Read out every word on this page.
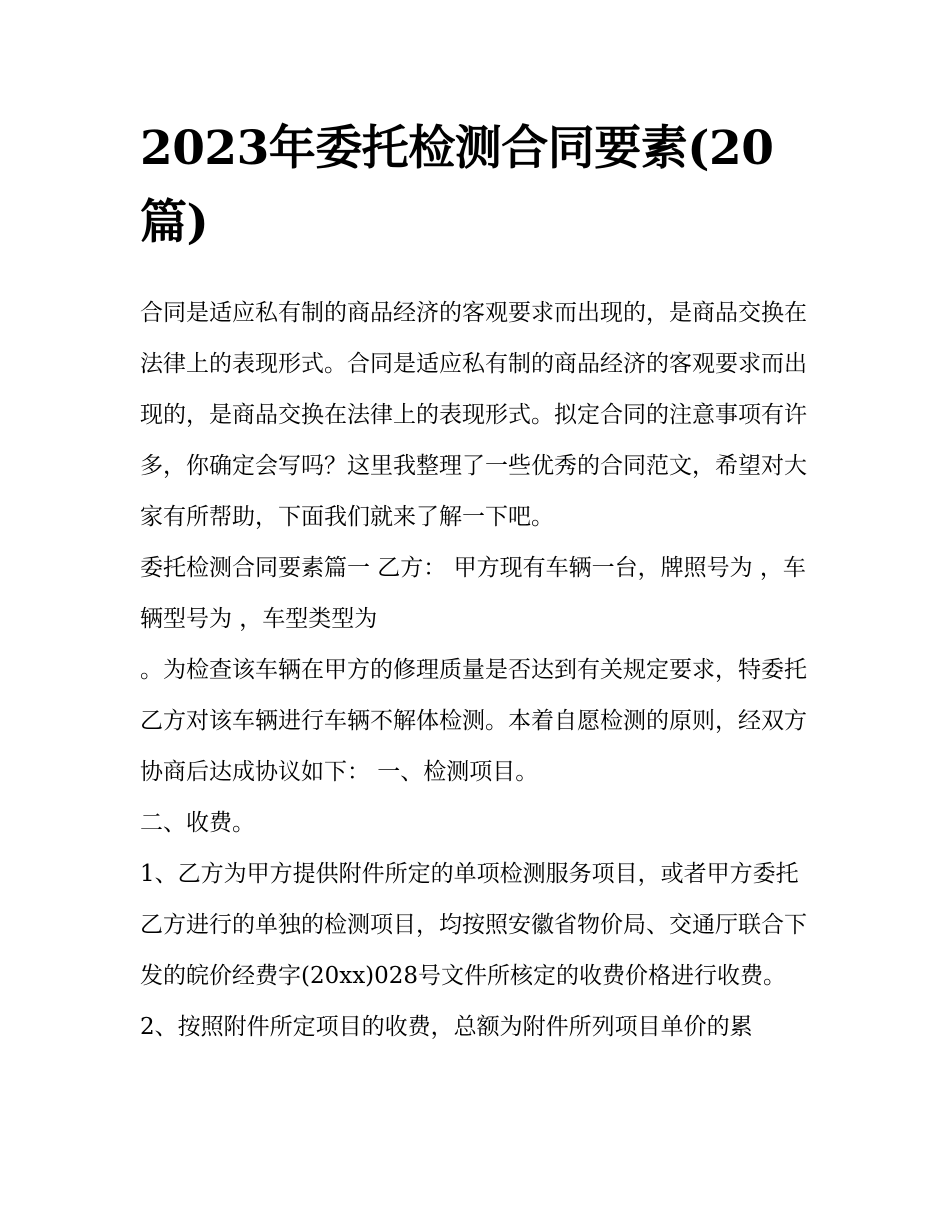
2023年委托检测合同要素(20篇)

合同是适应私有制的商品经济的客观要求而出现的，是商品交换在法律上的表现形式。合同是适应私有制的商品经济的客观要求而出现的，是商品交换在法律上的表现形式。拟定合同的注意事项有许多，你确定会写吗？这里我整理了一些优秀的合同范文，希望对大家有所帮助，下面我们就来了解一下吧。

委托检测合同要素篇一 乙方： 甲方现有车辆一台，牌照号为 ，车辆型号为 ，车型类型为

。为检查该车辆在甲方的修理质量是否达到有关规定要求，特委托乙方对该车辆进行车辆不解体检测。本着自愿检测的原则，经双方协商后达成协议如下： 一、检测项目。

二、收费。

1、乙方为甲方提供附件所定的单项检测服务项目，或者甲方委托乙方进行的单独的检测项目，均按照安徽省物价局、交通厅联合下发的皖价经费字(20xx)028号文件所核定的收费价格进行收费。

2、按照附件所定项目的收费，总额为附件所列项目单价的累
